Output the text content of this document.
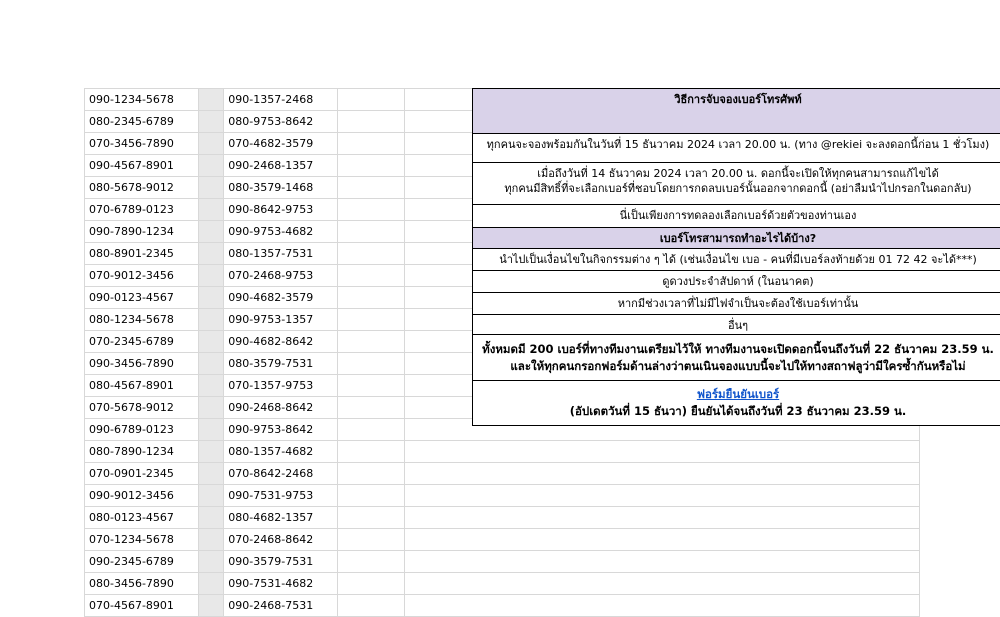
090-1234-5678		090-1357-2468		
080-2345-6789		080-9753-8642		
070-3456-7890		070-4682-3579		
090-4567-8901		090-2468-1357		
080-5678-9012		080-3579-1468		
070-6789-0123		090-8642-9753		
090-7890-1234		090-9753-4682		
080-8901-2345		080-1357-7531		
070-9012-3456		070-2468-9753		
090-0123-4567		090-4682-3579		
080-1234-5678		090-9753-1357		
070-2345-6789		090-4682-8642		
090-3456-7890		080-3579-7531		
080-4567-8901		070-1357-9753		
070-5678-9012		090-2468-8642		
090-6789-0123		090-9753-8642		
080-7890-1234		080-1357-4682		
070-0901-2345		070-8642-2468		
090-9012-3456		090-7531-9753		
080-0123-4567		080-4682-1357		
070-1234-5678		070-2468-8642		
090-2345-6789		090-3579-7531		
080-3456-7890		090-7531-4682		
070-4567-8901		090-2468-7531		
วิธีการจับจองเบอร์โทรศัพท์
ทุกคนจะจองพร้อมกันในวันที่ 15 ธันวาคม 2024 เวลา 20.00 น. (ทาง @rekiei จะลงดอกนี้ก่อน 1 ชั่วโมง)
เมื่อถึงวันที่ 14 ธันวาคม 2024 เวลา 20.00 น. ดอกนี้จะเปิดให้ทุกคนสามารถแก้ไขได้
ทุกคนมีสิทธิ์ที่จะเลือกเบอร์ที่ชอบโดยการกดลบเบอร์นั้นออกจากดอกนี้ (อย่าลืมนำไปกรอกในดอกลับ)
นี่เป็นเพียงการทดลองเลือกเบอร์ด้วยตัวของท่านเอง
เบอร์โทรสามารถทำอะไรได้บ้าง?
นำไปเป็นเงื่อนไขในกิจกรรมต่าง ๆ ได้ (เช่นเงื่อนไข เบอ - คนที่มีเบอร์ลงท้ายด้วย 01 72 42 จะได้***)
ดูดวงประจำสัปดาห์ (ในอนาคต)
หากมีช่วงเวลาที่ไม่มีไฟจำเป็นจะต้องใช้เบอร์เท่านั้น
อื่นๆ
ทั้งหมดมี 200 เบอร์ที่ทางทีมงานเตรียมไว้ให้ ทางทีมงานจะเปิดดอกนี้จนถึงวันที่ 22 ธันวาคม 23.59 น.
และให้ทุกคนกรอกฟอร์มด้านล่างว่าตนเนินจองแบบนี้จะไปให้ทางสถาฟลูว่ามีใครซ้ำกันหรือไม่
ฟอร์มยืนยันเบอร์
(อัปเดตวันที่ 15 ธันวา) ยืนยันได้จนถึงวันที่ 23 ธันวาคม 23.59 น.
